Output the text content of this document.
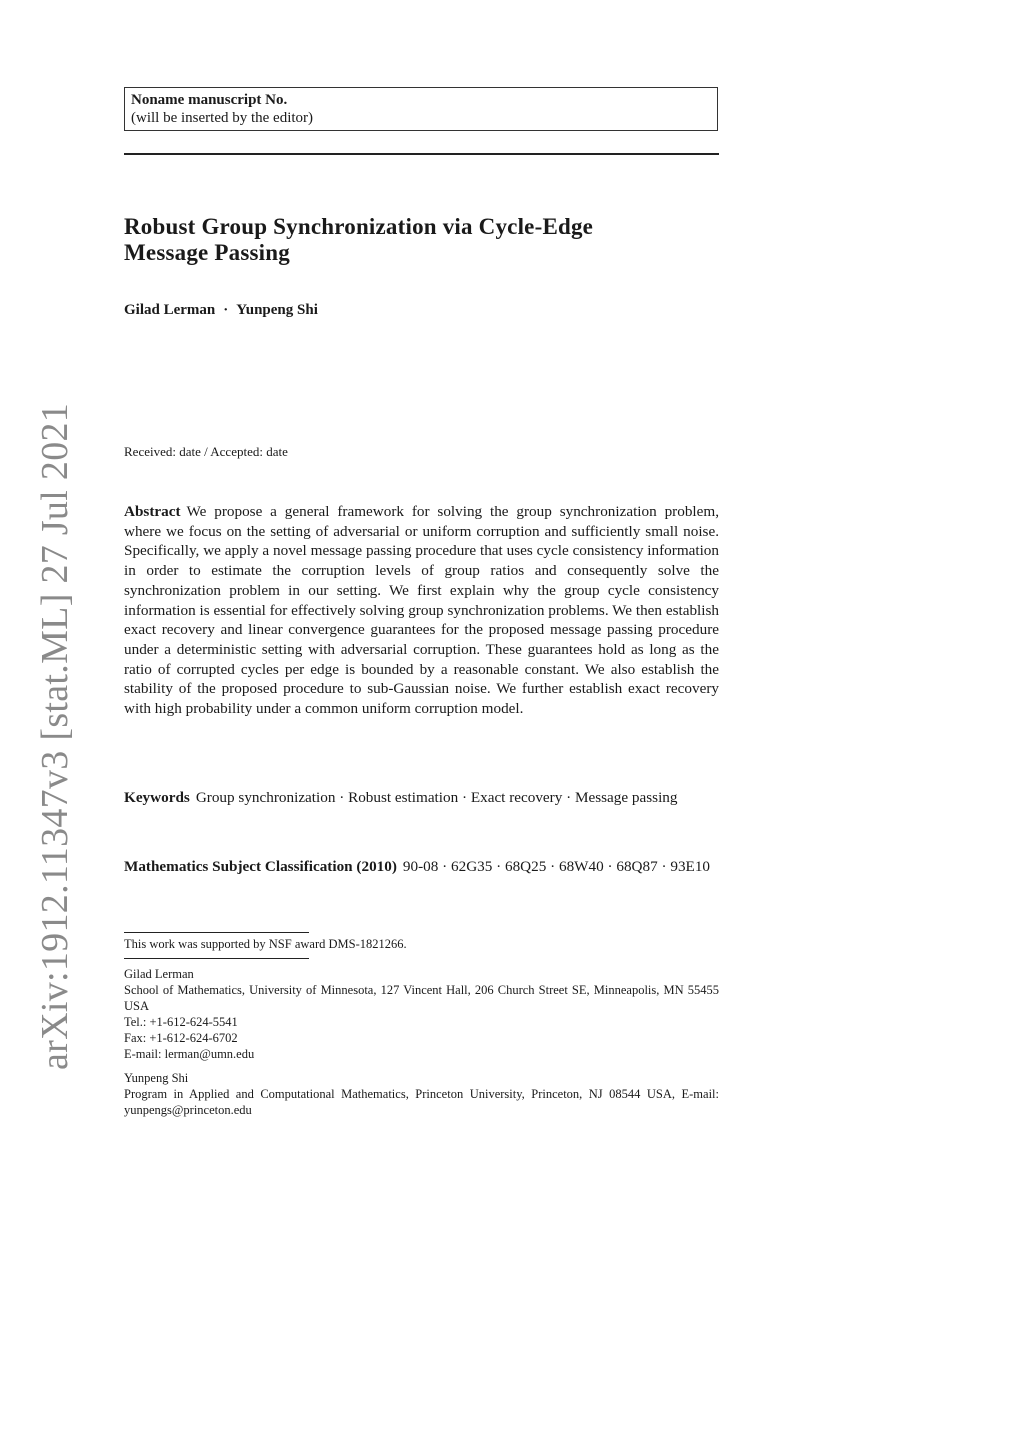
Noname manuscript No.
(will be inserted by the editor)
Robust Group Synchronization via Cycle-Edge
Message Passing
Gilad Lerman · Yunpeng Shi
Received: date / Accepted: date
Abstract We propose a general framework for solving the group synchronization problem, where we focus on the setting of adversarial or uniform corruption and sufficiently small noise. Specifically, we apply a novel message passing procedure that uses cycle consistency information in order to estimate the corruption levels of group ratios and consequently solve the synchronization problem in our setting. We first explain why the group cycle consistency information is essential for effectively solving group synchronization problems. We then establish exact recovery and linear convergence guarantees for the proposed message passing procedure under a deterministic setting with adversarial corruption. These guarantees hold as long as the ratio of corrupted cycles per edge is bounded by a reasonable constant. We also establish the stability of the proposed procedure to sub-Gaussian noise. We further establish exact recovery with high probability under a common uniform corruption model.
Keywords Group synchronization · Robust estimation · Exact recovery · Message passing
Mathematics Subject Classification (2010) 90-08 · 62G35 · 68Q25 · 68W40 · 68Q87 · 93E10
This work was supported by NSF award DMS-1821266.
Gilad Lerman
School of Mathematics, University of Minnesota, 127 Vincent Hall, 206 Church Street SE, Minneapolis, MN 55455 USA
Tel.: +1-612-624-5541
Fax: +1-612-624-6702
E-mail: lerman@umn.edu
Yunpeng Shi
Program in Applied and Computational Mathematics, Princeton University, Princeton, NJ 08544 USA, E-mail: yunpengs@princeton.edu
arXiv:1912.11347v3 [stat.ML] 27 Jul 2021
